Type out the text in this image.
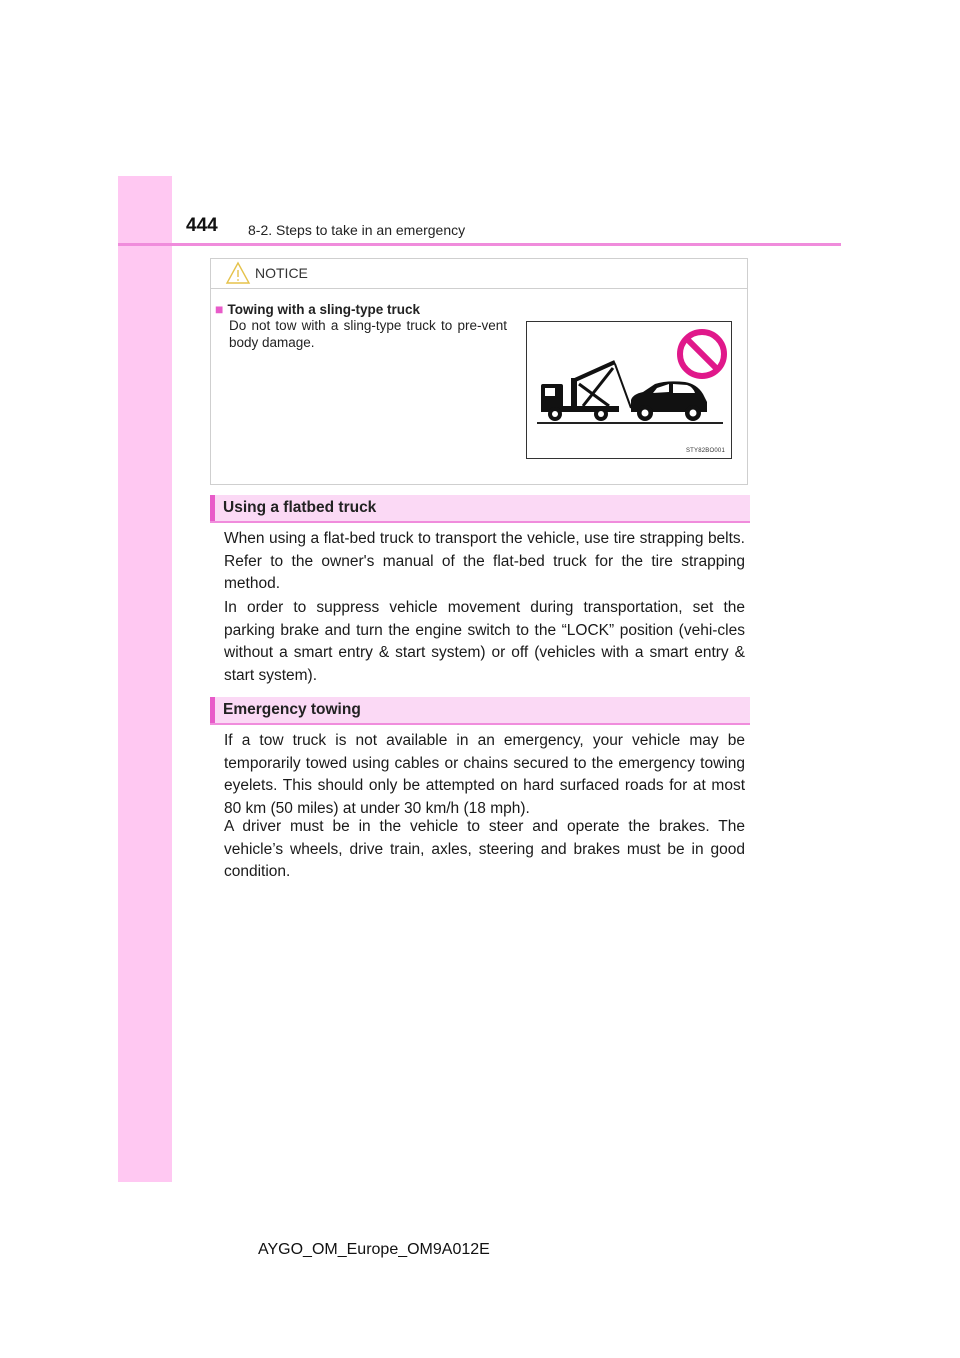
444 8-2. Steps to take in an emergency
NOTICE
■ Towing with a sling-type truck
Do not tow with a sling-type truck to pre-vent body damage.
STY82BO001
Using a flatbed truck

When using a flat-bed truck to transport the vehicle, use tire strapping belts. Refer to the owner's manual of the flat-bed truck for the tire strapping method.

In order to suppress vehicle movement during transportation, set the parking brake and turn the engine switch to the “LOCK” position (vehi-cles without a smart entry & start system) or off (vehicles with a smart entry & start system).

Emergency towing

If a tow truck is not available in an emergency, your vehicle may be temporarily towed using cables or chains secured to the emergency towing eyelets. This should only be attempted on hard surfaced roads for at most 80 km (50 miles) at under 30 km/h (18 mph).

A driver must be in the vehicle to steer and operate the brakes. The vehicle’s wheels, drive train, axles, steering and brakes must be in good condition.

AYGO_OM_Europe_OM9A012E
